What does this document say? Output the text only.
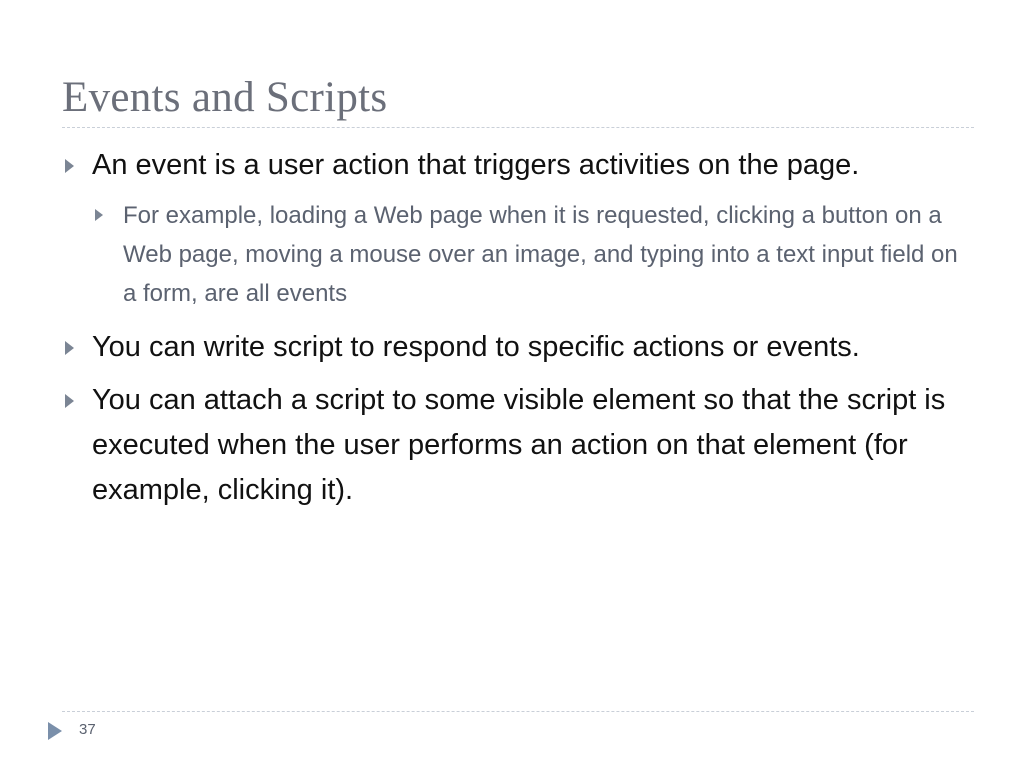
Events and Scripts
An event is a user action that triggers activities on the page.
For example, loading a Web page when it is requested, clicking a button on a Web page, moving a mouse over an image, and typing into a text input field on a form, are all events
You can write script to respond to specific actions or events.
You can attach a script to some visible element so that the script is executed when the user performs an action on that element (for example, clicking it).
37
